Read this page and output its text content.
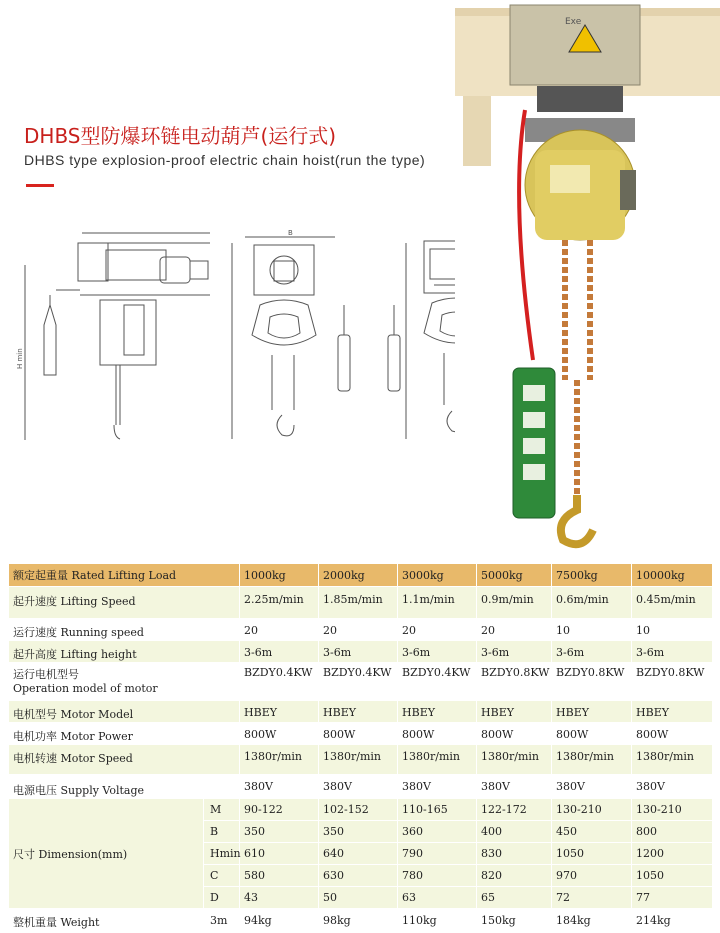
DHBS型防爆环链电动葫芦(运行式)
DHBS type explosion-proof electric chain hoist(run the type)
H min
B
Exe
额定起重量 Rated Lifting Load		1000kg	2000kg	3000kg	5000kg	7500kg	10000kg
起升速度 Lifting Speed		2.25m/min	1.85m/min	1.1m/min	0.9m/min	0.6m/min	0.45m/min
运行速度 Running speed		20	20	20	20	10	10
起升高度 Lifting height		3-6m	3-6m	3-6m	3-6m	3-6m	3-6m
运行电机型号
Operation model of motor		BZDY0.4KW	BZDY0.4KW	BZDY0.4KW	BZDY0.8KW	BZDY0.8KW	BZDY0.8KW
电机型号 Motor Model		HBEY	HBEY	HBEY	HBEY	HBEY	HBEY
电机功率 Motor Power		800W	800W	800W	800W	800W	800W
电机转速 Motor Speed		1380r/min	1380r/min	1380r/min	1380r/min	1380r/min	1380r/min
电源电压 Supply Voltage		380V	380V	380V	380V	380V	380V
尺寸 Dimension(mm)	M	90-122	102-152	110-165	122-172	130-210	130-210
	B	350	350	360	400	450	800
	Hmin	610	640	790	830	1050	1200
	C	580	630	780	820	970	1050
	D	43	50	63	65	72	77
整机重量 Weight	3m	94kg	98kg	110kg	150kg	184kg	214kg
